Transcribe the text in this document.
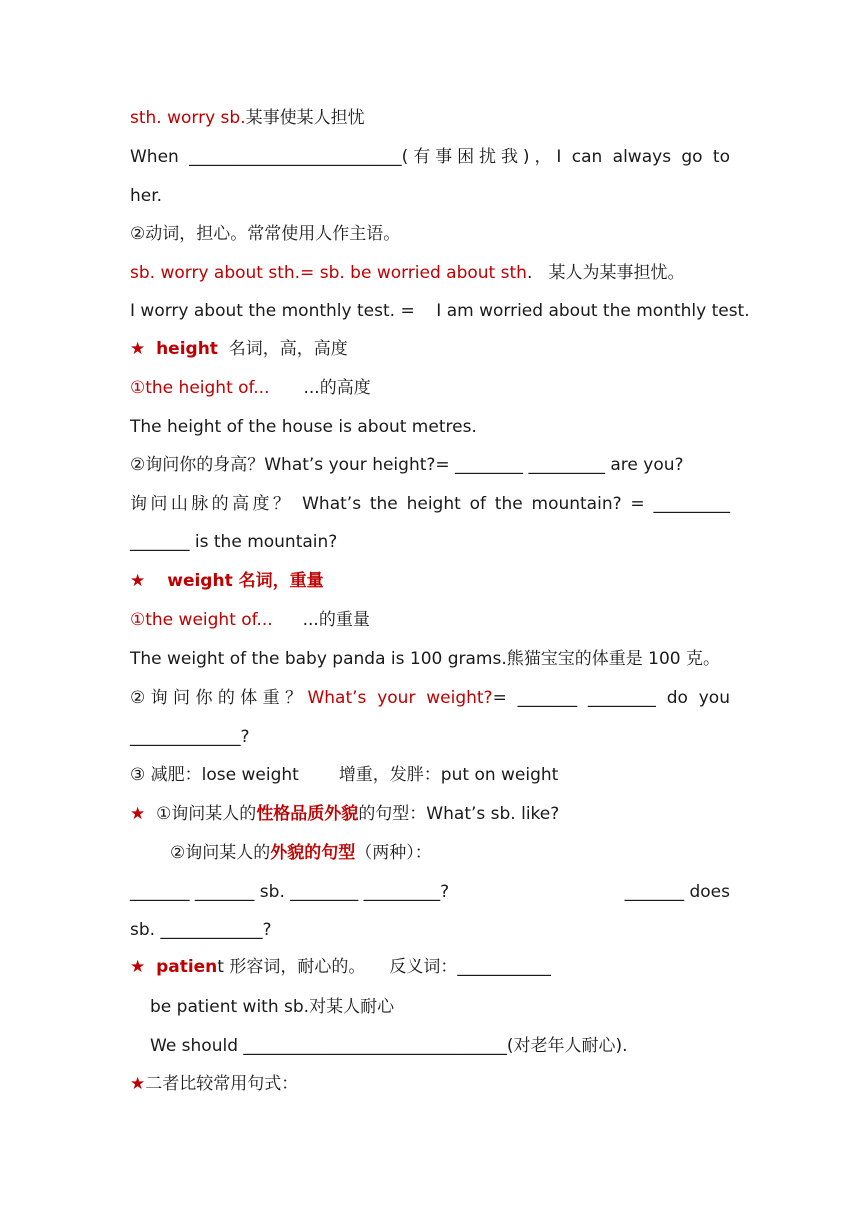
sth. worry sb.某事使某人担忧
When _________________________(有事困扰我)，I can always go to
her.
②动词，担心。常常使用人作主语。
sb. worry about sth.= sb. be worried about sth.   某人为某事担忧。
I worry about the monthly test. =    I am worried about the monthly test.
★ height 名词，高，高度
①the height of... ...的高度
The height of the house is about metres.
②询问你的身高？What’s your height?= ________ _________ are you?
询问山脉的高度？ What’s the height of the mountain? = _________
_______ is the mountain?
★ weight 名词，重量
①the weight of... ...的重量
The weight of the baby panda is 100 grams.熊猫宝宝的体重是 100 克。
②询问你的体重？What’s your weight?= _______ ________ do you
_____________?
③ 减肥：lose weight 增重，发胖：put on weight
★ ①询问某人的性格品质外貌的句型：What’s sb. like?
②询问某人的外貌的句型（两种）：
_______ _______ sb. ________ _________?	_______ does
sb. ____________?
★ patient 形容词，耐心的。 反义词：___________
be patient with sb.对某人耐心
We should _______________________________(对老年人耐心).
★二者比较常用句式：
